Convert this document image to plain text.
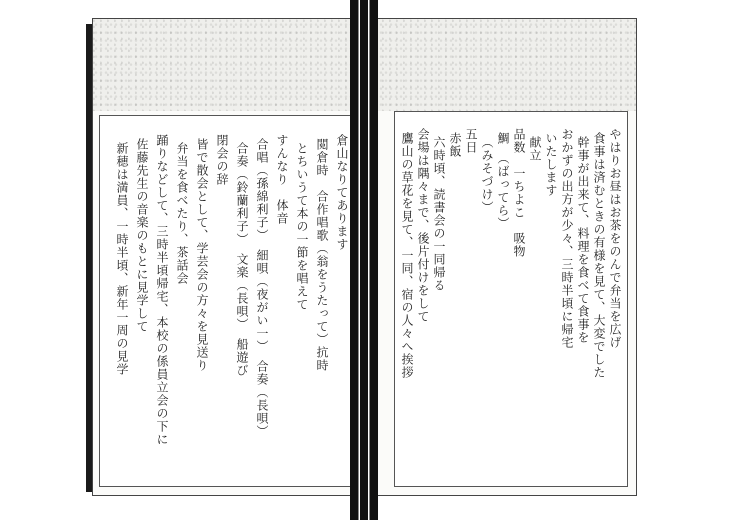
倉山なりてあります
閲倉時　合作唱歌（翁をうたって）抗時
とちいうて本の一節を唱えて
すんなり　体音
合唱（孫綿利子）　細唄（夜がい一）　合奏（長唄）
合奏（鈴蘭利子）　文楽（長唄）　船遊び
閉会の辞
皆で散会として、学芸会の方々を見送り
弁当を食べたり、茶話会
踊りなどして、三時半頃帰宅、本校の係員立会の下に
佐藤先生の音楽のもとに見学して
新穂は満員、一時半頃、新年一周の見学	やはりお昼はお茶をのんで弁当を広げ
食事は済むときの有様を見て、大変でした
幹事が出来て、料理を食べて食事を
おかずの出方が少々、三時半頃に帰宅
いたします
献立
品数　一ちよこ　吸物
鯛　（ばってら）
（みそづけ）
五日
赤飯
六時頃、読書会の一同帰る
会場は隅々まで、後片付けをして
鷹山の草花を見て、一同、宿の人々へ挨拶
